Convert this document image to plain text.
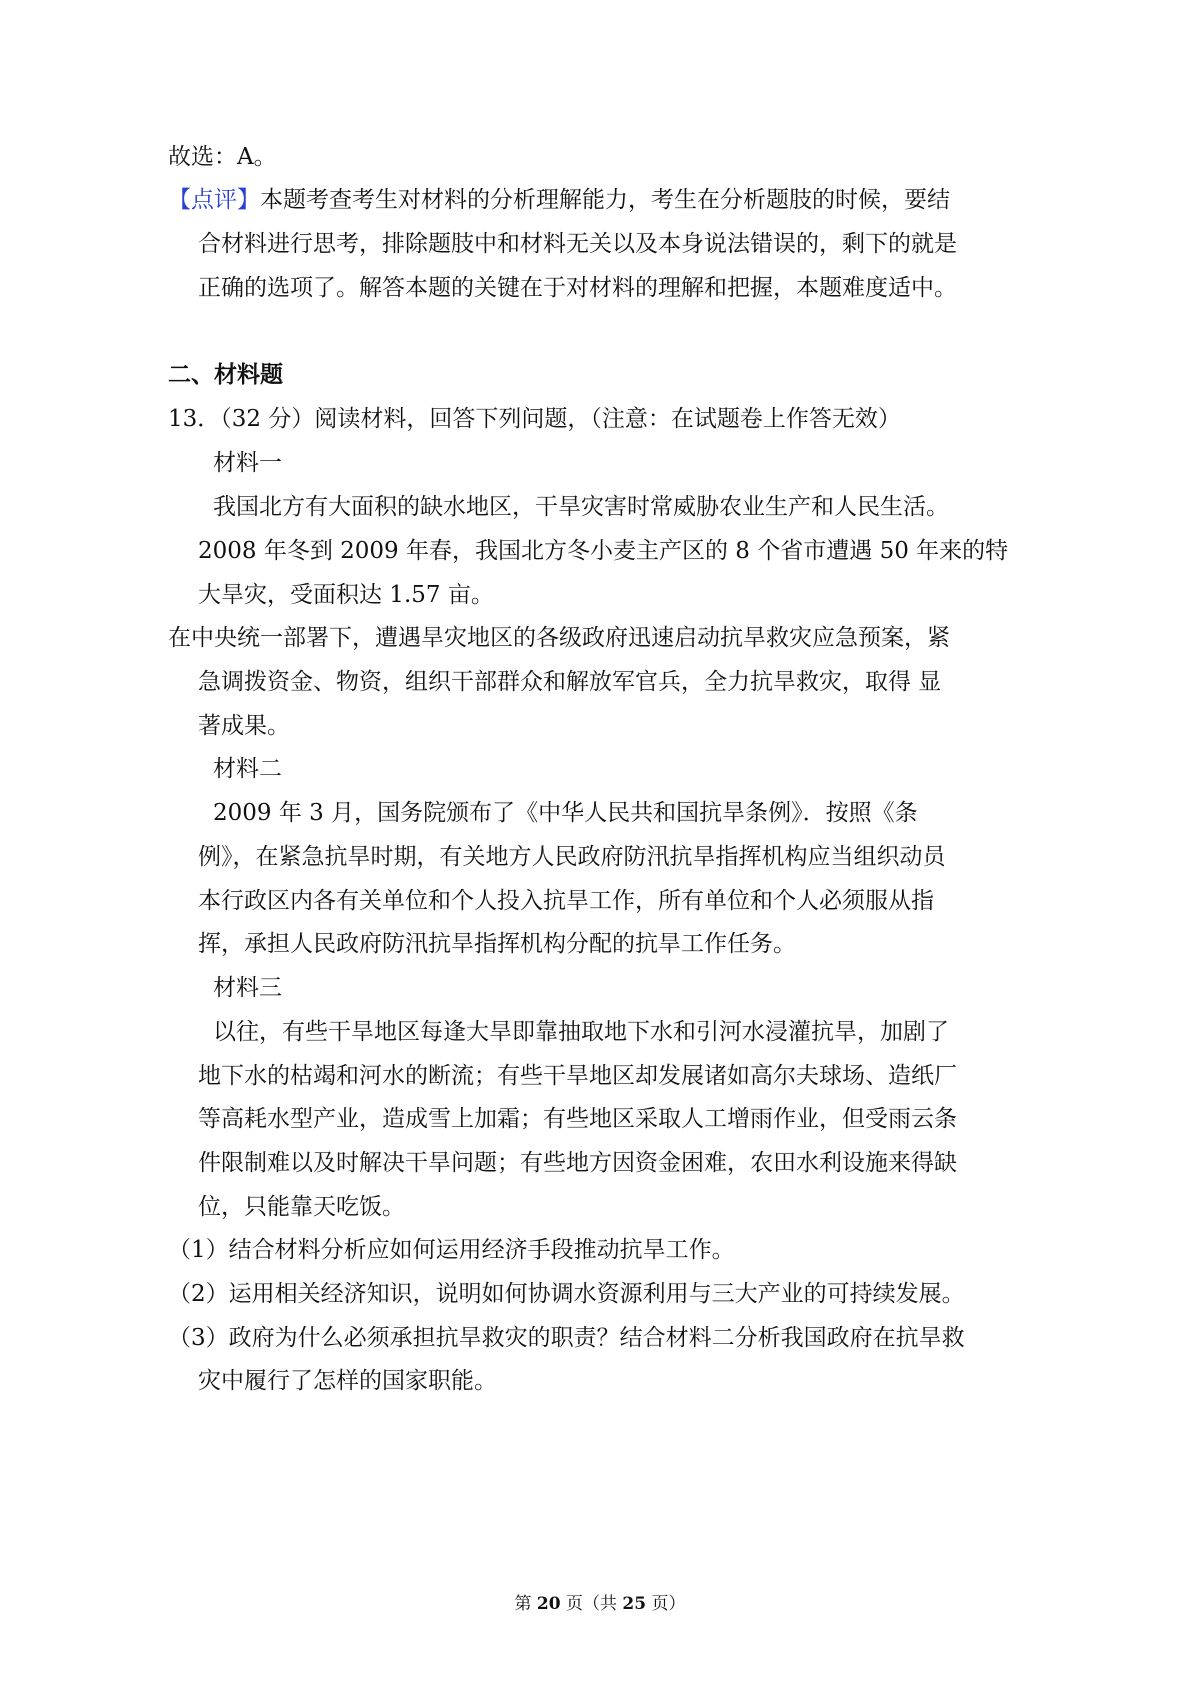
故选：A。
【点评】本题考查考生对材料的分析理解能力，考生在分析题肢的时候，要结
合材料进行思考，排除题肢中和材料无关以及本身说法错误的，剩下的就是
正确的选项了。解答本题的关键在于对材料的理解和把握，本题难度适中。
二、材料题
13．（32 分）阅读材料，回答下列问题，（注意：在试题卷上作答无效）
材料一
我国北方有大面积的缺水地区，干旱灾害时常威胁农业生产和人民生活。
2008 年冬到 2009 年春，我国北方冬小麦主产区的 8 个省市遭遇 50 年来的特
大旱灾，受面积达 1.57 亩。
在中央统一部署下，遭遇旱灾地区的各级政府迅速启动抗旱救灾应急预案，紧
急调拨资金、物资，组织干部群众和解放军官兵，全力抗旱救灾，取得 显
著成果。
材料二
2009 年 3 月，国务院颁布了《中华人民共和国抗旱条例》．按照《条
例》，在紧急抗旱时期，有关地方人民政府防汛抗旱指挥机构应当组织动员
本行政区内各有关单位和个人投入抗旱工作，所有单位和个人必须服从指
挥，承担人民政府防汛抗旱指挥机构分配的抗旱工作任务。
材料三
以往，有些干旱地区每逢大旱即靠抽取地下水和引河水浸灌抗旱，加剧了
地下水的枯竭和河水的断流；有些干旱地区却发展诸如高尔夫球场、造纸厂
等高耗水型产业，造成雪上加霜；有些地区采取人工增雨作业，但受雨云条
件限制难以及时解决干旱问题；有些地方因资金困难，农田水利设施来得缺
位，只能靠天吃饭。
（1）结合材料分析应如何运用经济手段推动抗旱工作。
（2）运用相关经济知识，说明如何协调水资源利用与三大产业的可持续发展。
（3）政府为什么必须承担抗旱救灾的职责？结合材料二分析我国政府在抗旱救
灾中履行了怎样的国家职能。
第 20 页（共 25 页）
